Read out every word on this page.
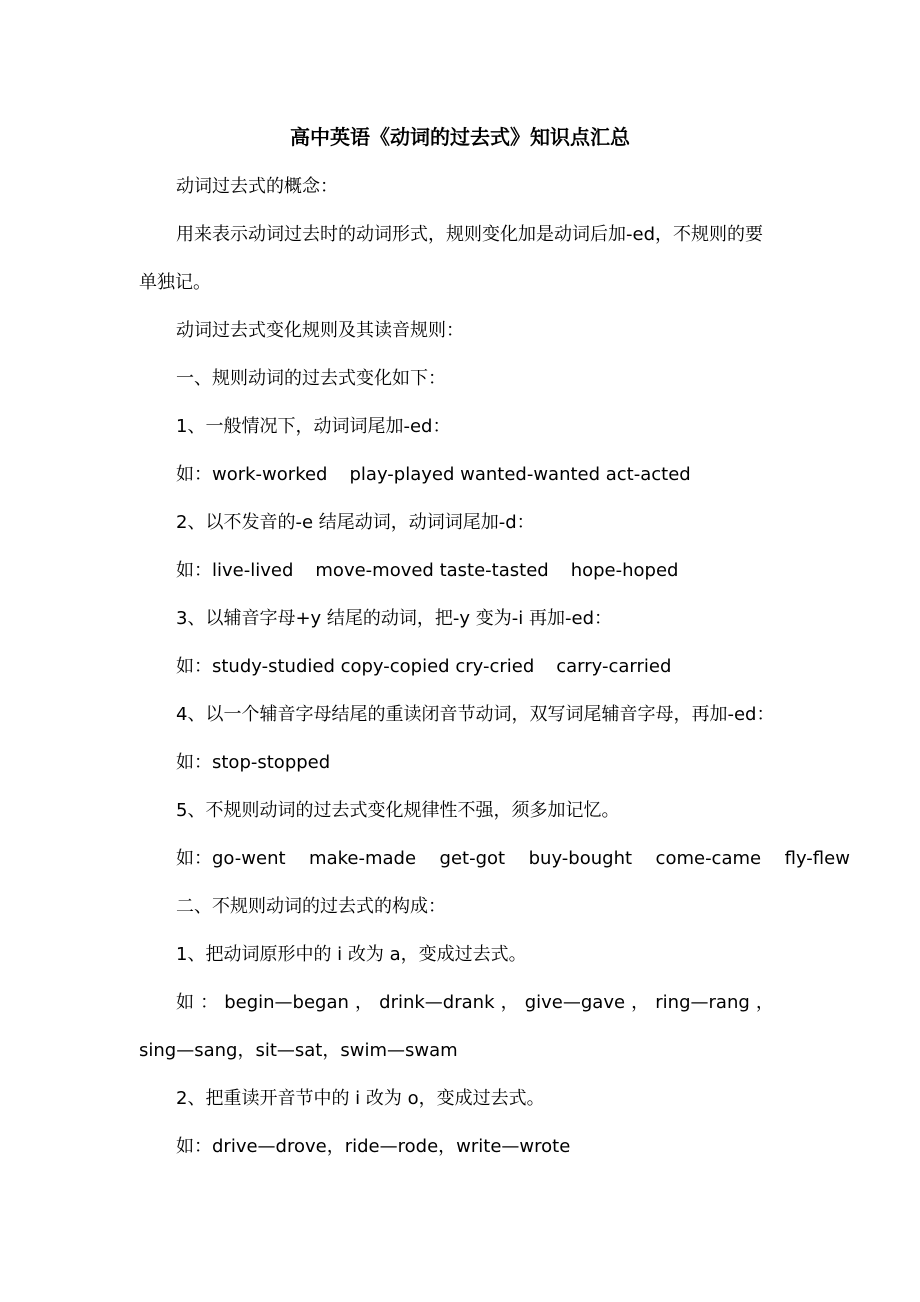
高中英语《动词的过去式》知识点汇总
动词过去式的概念：
用来表示动词过去时的动词形式，规则变化加是动词后加-ed，不规则的要
单独记。
动词过去式变化规则及其读音规则：
一、规则动词的过去式变化如下：
1、一般情况下，动词词尾加-ed：
如：work-worked play-played wanted-wanted act-acted
2、以不发音的-e 结尾动词，动词词尾加-d：
如：live-lived move-moved taste-tasted hope-hoped
3、以辅音字母+y 结尾的动词，把-y 变为-i 再加-ed：
如：study-studied copy-copied cry-cried carry-carried
4、以一个辅音字母结尾的重读闭音节动词，双写词尾辅音字母，再加-ed：
如：stop-stopped
5、不规则动词的过去式变化规律性不强，须多加记忆。
如：go-went make-made get-got buy-bought come-came fly-flew
二、不规则动词的过去式的构成：
1、把动词原形中的 i 改为 a，变成过去式。
如 ： begin—began ， drink—drank ， give—gave ， ring—rang ，
sing—sang，sit—sat，swim—swam
2、把重读开音节中的 i 改为 o，变成过去式。
如：drive—drove，ride—rode，write—wrote
